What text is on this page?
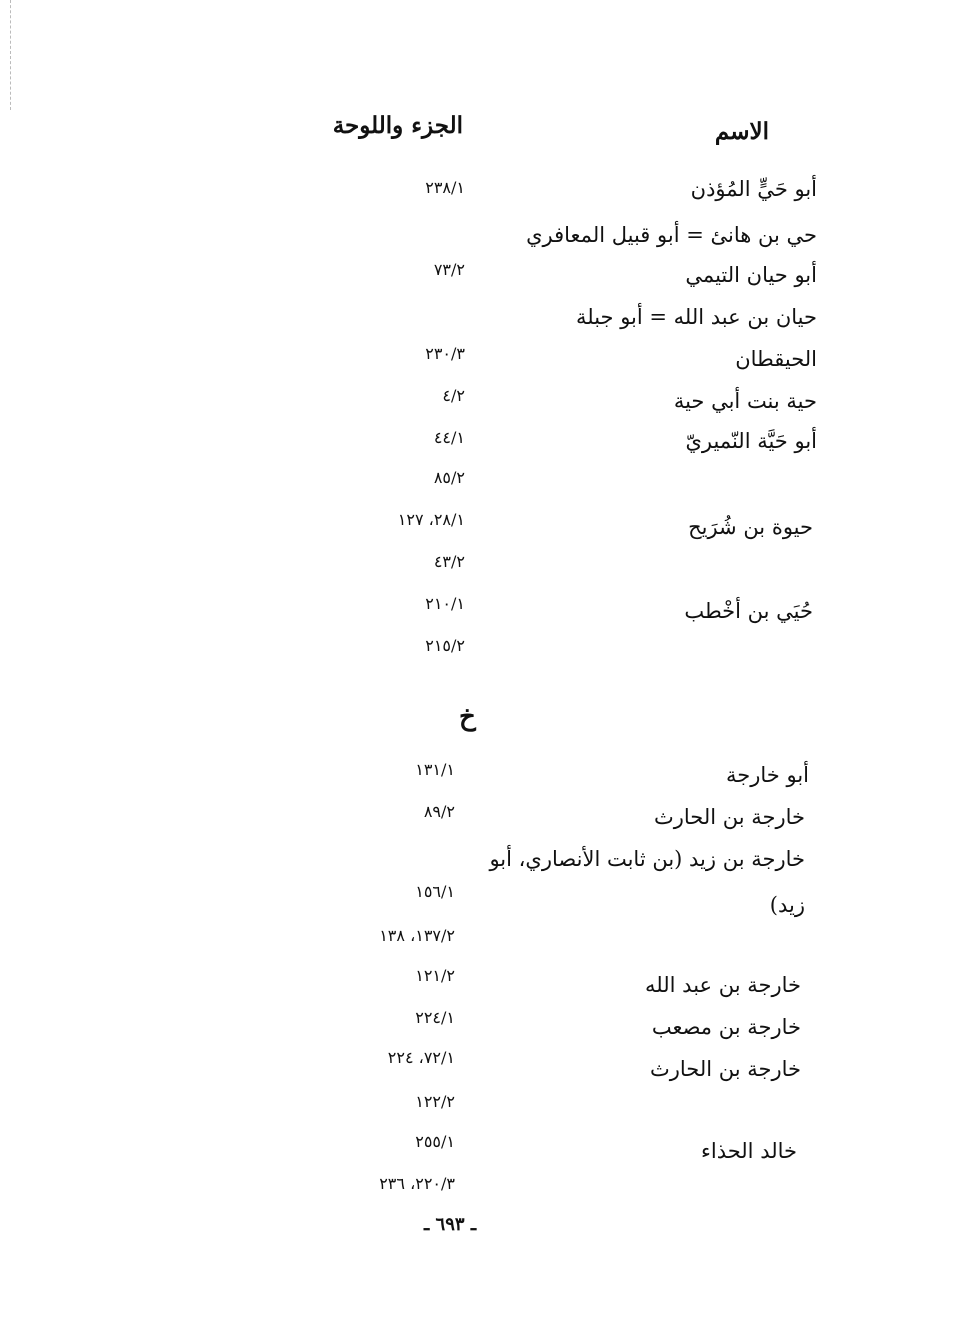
الاسم
الجزء واللوحة
أبو حَيٍّ المُؤذن
٢٣٨/١
حي بن هانئ = أبو قبيل المعافري
أبو حيان التيمي
٧٣/٢
حيان بن عبد الله = أبو جبلة
الحيقطان
٢٣٠/٣
حية بنت أبي حية
٤/٢
أبو حَيَّة النّميريّ
٤٤/١
٨٥/٢
حيوة بن شُرَيح
٢٨/١، ١٢٧
٤٣/٢
حُيَي بن أخْطب
٢١٠/١
٢١٥/٢
خ
أبو خارجة
١٣١/١
خارجة بن الحارث
٨٩/٢
خارجة بن زيد (بن ثابت الأنصاري، أبو
زيد)
١٥٦/١
١٣٧/٢، ١٣٨
خارجة بن عبد الله
١٢١/٢
خارجة بن مصعب
٢٢٤/١
خارجة بن الحارث
٧٢/١، ٢٢٤
١٢٢/٢
خالد الحذاء
٢٥٥/١
٢٢٠/٣، ٢٣٦
ـ ٦٩٣ ـ
